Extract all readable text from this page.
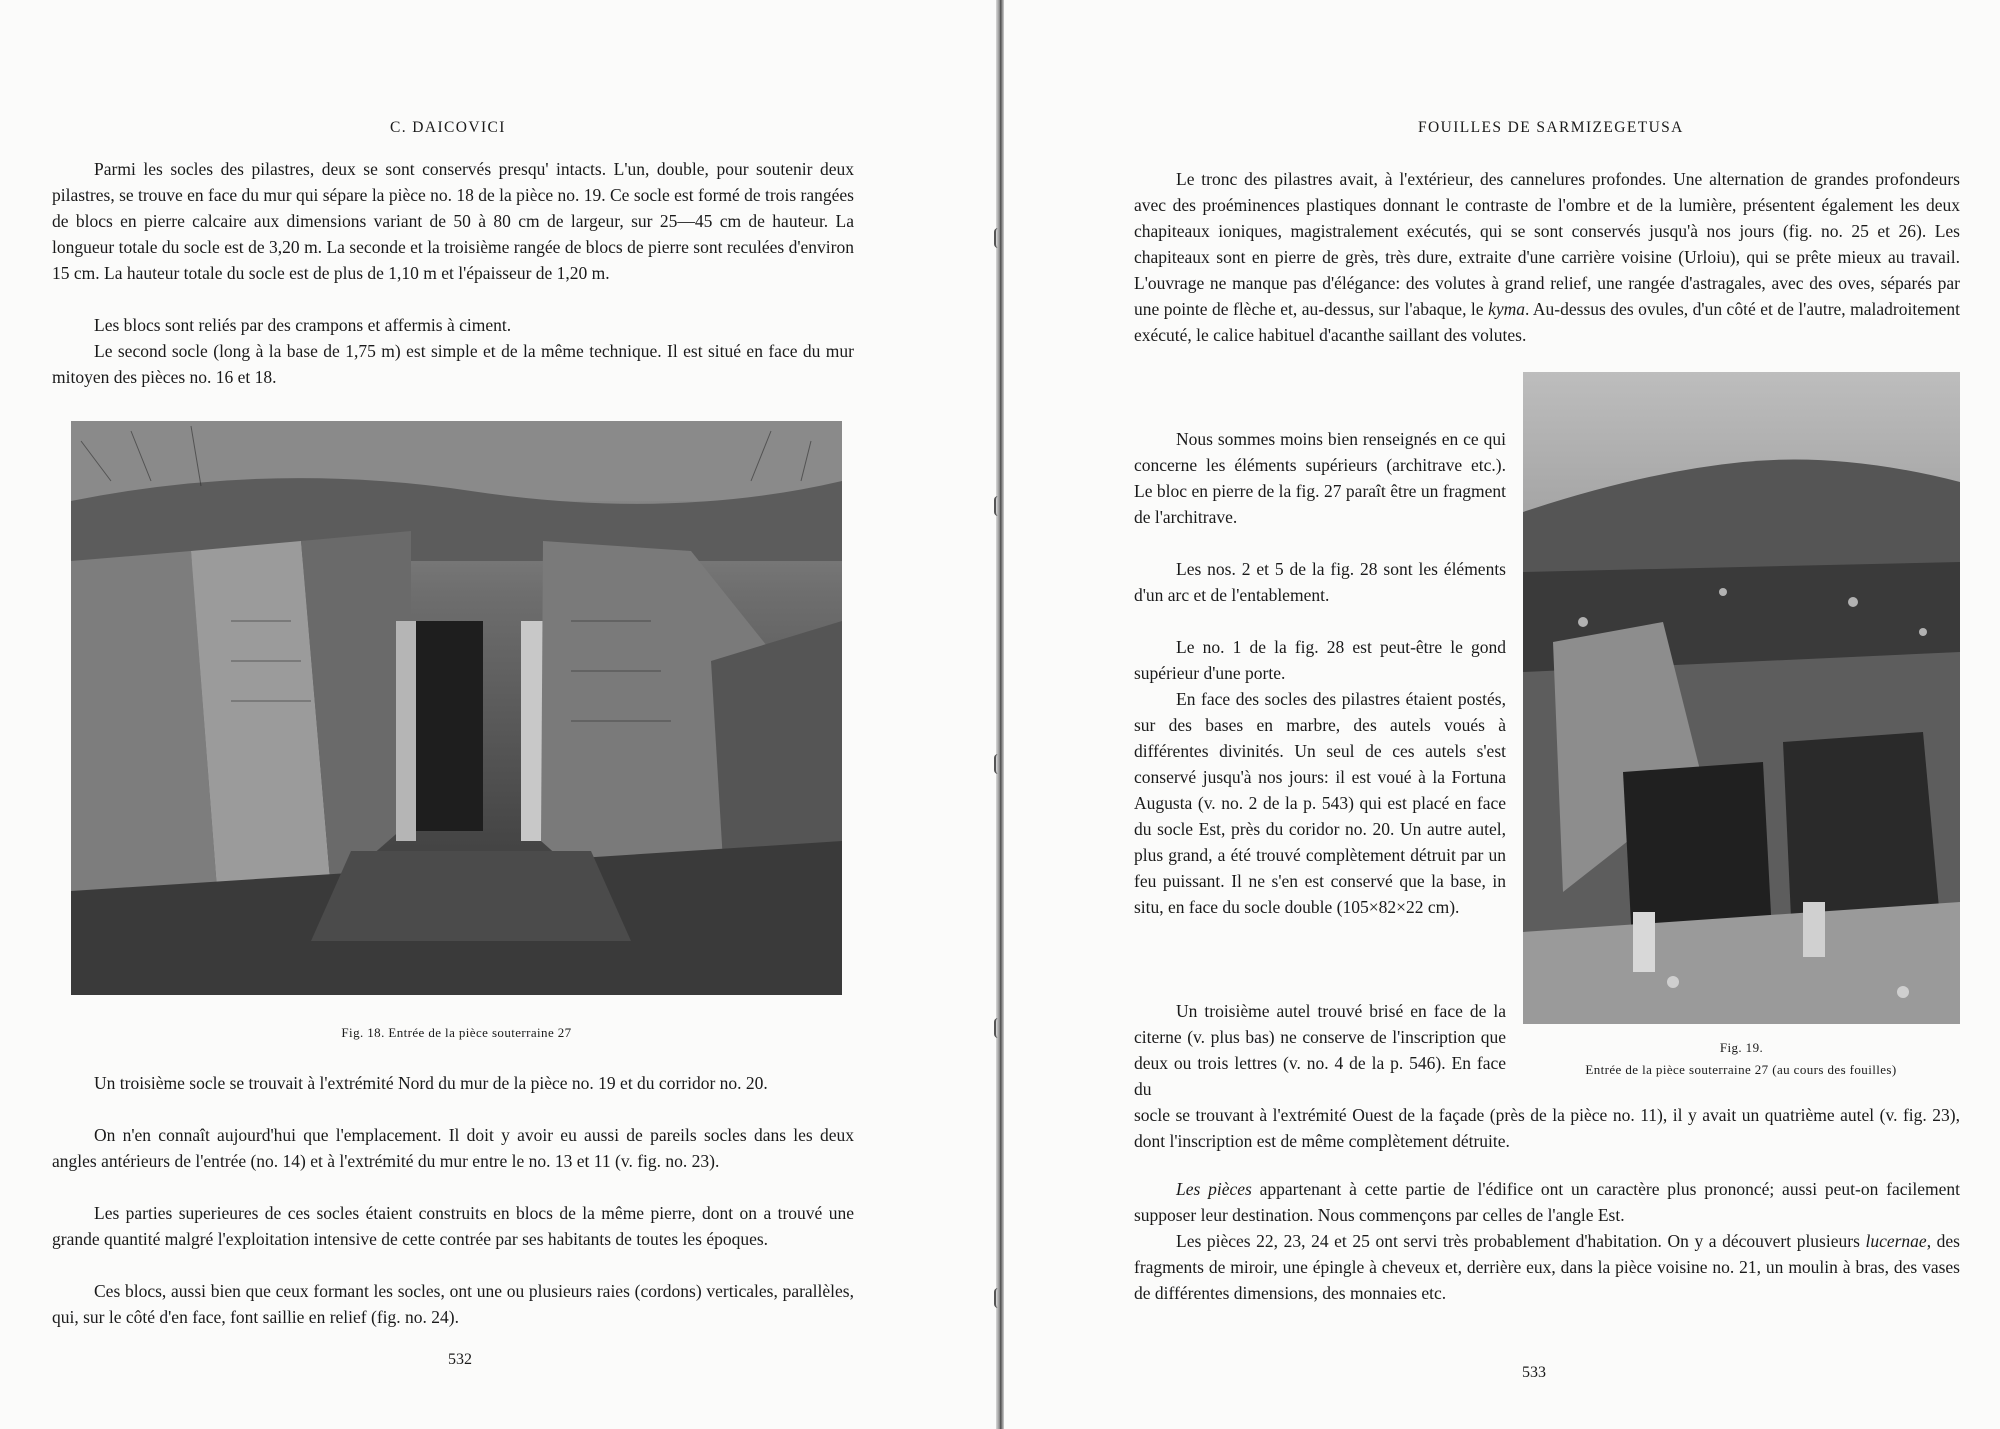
C. DAICOVICI

Parmi les socles des pilastres, deux se sont conservés presqu' intacts. L'un, double, pour soutenir deux pilastres, se trouve en face du mur qui sépare la pièce no. 18 de la pièce no. 19. Ce socle est formé de trois rangées de blocs en pierre calcaire aux dimensions variant de 50 à 80 cm de largeur, sur 25—45 cm de hauteur. La longueur totale du socle est de 3,20 m. La seconde et la troisième rangée de blocs de pierre sont reculées d'environ 15 cm. La hauteur totale du socle est de plus de 1,10 m et l'épaisseur de 1,20 m.

Les blocs sont reliés par des crampons et affermis à ciment.

Le second socle (long à la base de 1,75 m) est simple et de la même technique. Il est situé en face du mur mitoyen des pièces no. 16 et 18.

Fig. 18. Entrée de la pièce souterraine 27

Un troisième socle se trouvait à l'extrémité Nord du mur de la pièce no. 19 et du corridor no. 20.

On n'en connaît aujourd'hui que l'emplacement. Il doit y avoir eu aussi de pareils socles dans les deux angles antérieurs de l'entrée (no. 14) et à l'extrémité du mur entre le no. 13 et 11 (v. fig. no. 23).

Les parties superieures de ces socles étaient construits en blocs de la même pierre, dont on a trouvé une grande quantité malgré l'exploitation intensive de cette contrée par ses habitants de toutes les époques.

Ces blocs, aussi bien que ceux formant les socles, ont une ou plusieurs raies (cordons) verticales, parallèles, qui, sur le côté d'en face, font saillie en relief (fig. no. 24).

532
FOUILLES DE SARMIZEGETUSA

Le tronc des pilastres avait, à l'extérieur, des cannelures profondes. Une alternation de grandes profondeurs avec des proéminences plastiques donnant le contraste de l'ombre et de la lumière, présentent également les deux chapiteaux ioniques, magistralement exécutés, qui se sont conservés jusqu'à nos jours (fig. no. 25 et 26). Les chapiteaux sont en pierre de grès, très dure, extraite d'une carrière voisine (Urloiu), qui se prête mieux au travail. L'ouvrage ne manque pas d'élégance: des volutes à grand relief, une rangée d'astragales, avec des oves, séparés par une pointe de flèche et, au-dessus, sur l'abaque, le kyma. Au-dessus des ovules, d'un côté et de l'autre, maladroitement exécuté, le calice habituel d'acanthe saillant des volutes.

Nous sommes moins bien renseignés en ce qui concerne les éléments supérieurs (architrave etc.). Le bloc en pierre de la fig. 27 paraît être un fragment de l'architrave.

Les nos. 2 et 5 de la fig. 28 sont les éléments d'un arc et de l'entablement.

Le no. 1 de la fig. 28 est peut-être le gond supérieur d'une porte.

En face des socles des pilastres étaient postés, sur des bases en marbre, des autels voués à différentes divinités. Un seul de ces autels s'est conservé jusqu'à nos jours: il est voué à la Fortuna Augusta (v. no. 2 de la p. 543) qui est placé en face du socle Est, près du coridor no. 20. Un autre autel, plus grand, a été trouvé complètement détruit par un feu puissant. Il ne s'en est conservé que la base, in situ, en face du socle double (105×82×22 cm).

Un troisième autel trouvé brisé en face de la citerne (v. plus bas) ne conserve de l'inscription que deux ou trois lettres (v. no. 4 de la p. 546). En face du

Fig. 19.
Entrée de la pièce souterraine 27 (au cours des fouilles)

socle se trouvant à l'extrémité Ouest de la façade (près de la pièce no. 11), il y avait un quatrième autel (v. fig. 23), dont l'inscription est de même complètement détruite.

Les pièces appartenant à cette partie de l'édifice ont un caractère plus prononcé; aussi peut-on facilement supposer leur destination. Nous commençons par celles de l'angle Est.

Les pièces 22, 23, 24 et 25 ont servi très probablement d'habitation. On y a découvert plusieurs lucernae, des fragments de miroir, une épingle à cheveux et, derrière eux, dans la pièce voisine no. 21, un moulin à bras, des vases de différentes dimensions, des monnaies etc.

533
